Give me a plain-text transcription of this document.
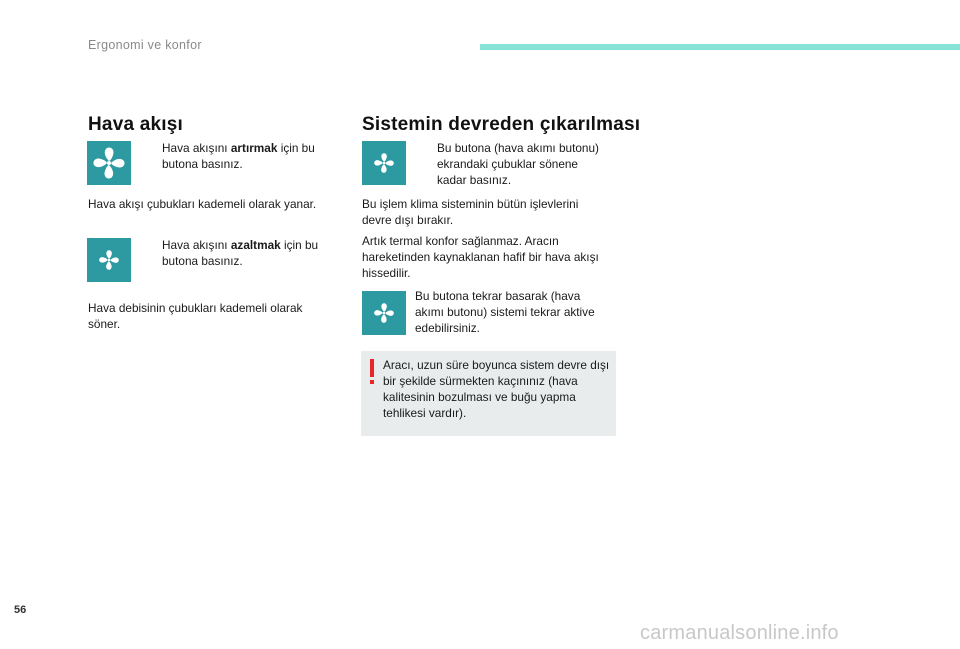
Ergonomi ve konfor
Hava akışı
Hava akışını artırmak için bu butona basınız.
Hava akışı çubukları kademeli olarak yanar.
Hava akışını azaltmak için bu butona basınız.
Hava debisinin çubukları kademeli olarak söner.
Sistemin devreden çıkarılması
Bu butona (hava akımı butonu) ekrandaki çubuklar sönene kadar basınız.
Bu işlem klima sisteminin bütün işlevlerini devre dışı bırakır.
Artık termal konfor sağlanmaz. Aracın hareketinden kaynaklanan hafif bir hava akışı hissedilir.
Bu butona tekrar basarak (hava akımı butonu) sistemi tekrar aktive edebilirsiniz.
Aracı, uzun süre boyunca sistem devre dışı bir şekilde sürmekten kaçınınız (hava kalitesinin bozulması ve buğu yapma tehlikesi vardır).
56
carmanualsonline.info
